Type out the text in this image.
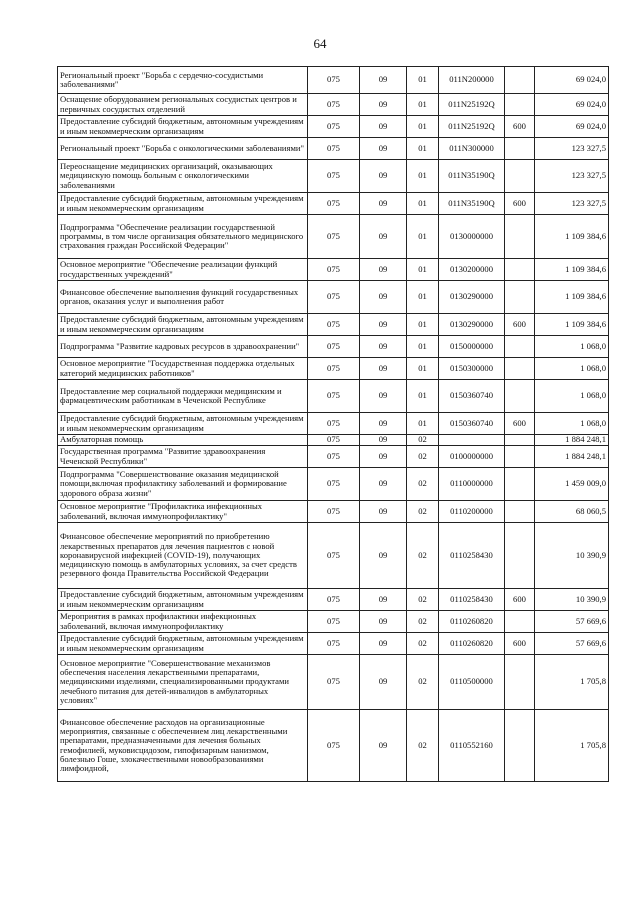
64
Региональный проект "Борьба с сердечно-сосудистыми заболеваниями"	075	09	01	011N200000		69 024,0
Оснащение оборудованием региональных сосудистых центров и первичных сосудистых отделений	075	09	01	011N25192Q		69 024,0
Предоставление субсидий бюджетным, автономным учреждениям и иным некоммерческим организациям	075	09	01	011N25192Q	600	69 024,0
Региональный проект "Борьба с онкологическими заболеваниями"	075	09	01	011N300000		123 327,5
Переоснащение медицинских организаций, оказывающих медицинскую помощь больным с онкологическими заболеваниями	075	09	01	011N35190Q		123 327,5
Предоставление субсидий бюджетным, автономным учреждениям и иным некоммерческим организациям	075	09	01	011N35190Q	600	123 327,5
Подпрограмма "Обеспечение реализации государственной программы, в том числе организация обязательного медицинского страхования граждан Российской Федерации"	075	09	01	0130000000		1 109 384,6
Основное мероприятие "Обеспечение реализации функций государственных учреждений"	075	09	01	0130200000		1 109 384,6
Финансовое обеспечение выполнения функций государственных органов, оказания услуг и выполнения работ	075	09	01	0130290000		1 109 384,6
Предоставление субсидий бюджетным, автономным учреждениям и иным некоммерческим организациям	075	09	01	0130290000	600	1 109 384,6
Подпрограмма "Развитие кадровых ресурсов в здравоохранении"	075	09	01	0150000000		1 068,0
Основное мероприятие "Государственная поддержка отдельных категорий медицинских работников"	075	09	01	0150300000		1 068,0
Предоставление мер социальной поддержки медицинским и фармацевтическим работникам в Чеченской Республике	075	09	01	0150360740		1 068,0
Предоставление субсидий бюджетным, автономным учреждениям и иным некоммерческим организациям	075	09	01	0150360740	600	1 068,0
Амбулаторная помощь	075	09	02			1 884 248,1
Государственная программа "Развитие здравоохранения Чеченской Республики"	075	09	02	0100000000		1 884 248,1
Подпрограмма "Совершенствование оказания медицинской помощи,включая профилактику заболеваний и формирование здорового образа жизни"	075	09	02	0110000000		1 459 009,0
Основное мероприятие "Профилактика инфекционных заболеваний, включая иммунопрофилактику"	075	09	02	0110200000		68 060,5
Финансовое обеспечение мероприятий по приобретению лекарственных препаратов для лечения пациентов с новой коронавирусной инфекцией (COVID-19), получающих медицинскую помощь в амбулаторных условиях, за счет средств резервного фонда Правительства Российской Федерации	075	09	02	0110258430		10 390,9
Предоставление субсидий бюджетным, автономным учреждениям и иным некоммерческим организациям	075	09	02	0110258430	600	10 390,9
Мероприятия в рамках профилактики инфекционных заболеваний, включая иммунопрофилактику	075	09	02	0110260820		57 669,6
Предоставление субсидий бюджетным, автономным учреждениям и иным некоммерческим организациям	075	09	02	0110260820	600	57 669,6
Основное мероприятие "Совершенствование механизмов обеспечения населения лекарственными препаратами, медицинскими изделиями, специализированными продуктами лечебного питания для детей-инвалидов в амбулаторных условиях"	075	09	02	0110500000		1 705,8
Финансовое обеспечение расходов на организационные мероприятия, связанные с обеспечением лиц лекарственными препаратами, предназначенными для лечения больных гемофилией, муковисцидозом, гипофизарным нанизмом, болезнью Гоше, злокачественными новообразованиями лимфоидной,	075	09	02	0110552160		1 705,8
